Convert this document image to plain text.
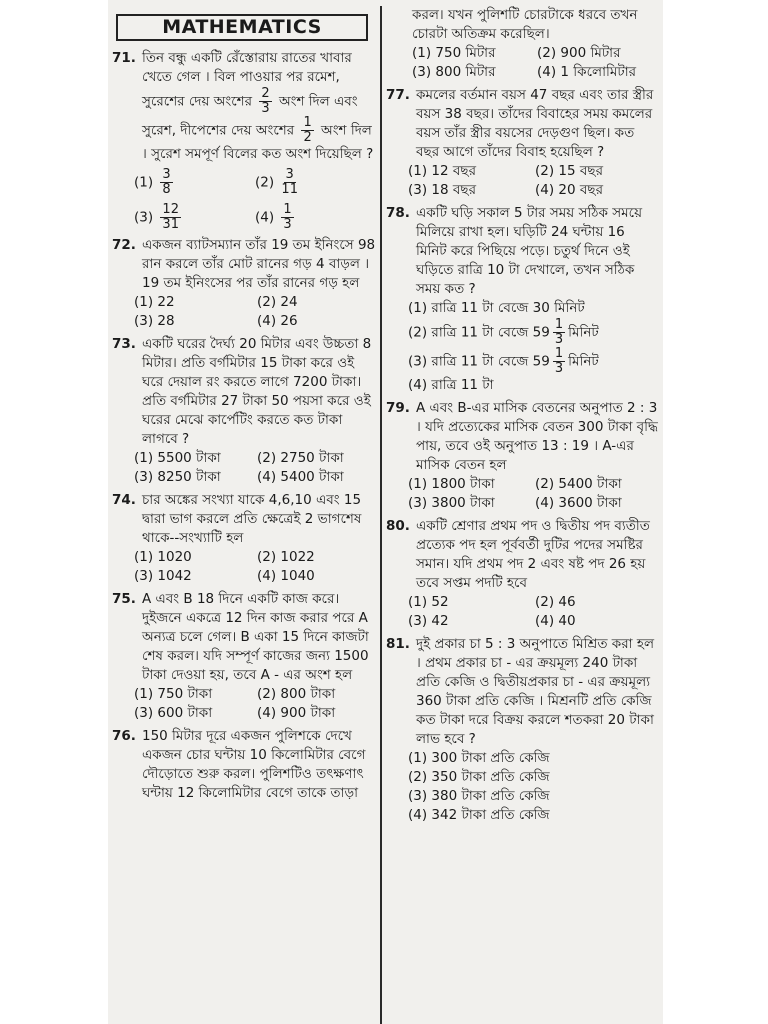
MATHEMATICS
71. তিন বন্ধু একটি রেঁস্তোরায় রাতের খাবার খেতে গেল । বিল পাওয়ার পর রমেশ, সুরেশের দেয় অংশের $\frac{2}{3}$ অংশ দিল এবং সুরেশ, দীপেশের দেয় অংশের $\frac{1}{2}$ অংশ দিল । সুরেশ সমপূর্ণ বিলের কত অংশ দিয়েছিল ?
$(1) \frac{3}{8}$	$(2) \frac{3}{11}$
$(3) \frac{12}{31}$	$(4) \frac{1}{3}$
72. একজন ব্যাটসম্যান তাঁর 19 তম ইনিংসে 98 রান করলে তাঁর মোট রানের গড় 4 বাড়ল । 19 তম ইনিংসের পর তাঁর রানের গড় হল
(1) 22	(2) 24
(3) 28	(4) 26
73. একটি ঘরের দৈর্ঘ্য 20 মিটার এবং উচ্চতা 8 মিটার। প্রতি বর্গমিটার 15 টাকা করে ওই ঘরে দেয়াল রং করতে লাগে 7200 টাকা। প্রতি বর্গমিটার 27 টাকা 50 পয়সা করে ওই ঘরের মেঝে কার্পেটিং করতে কত টাকা লাগবে ?
(1) 5500 টাকা	(2) 2750 টাকা
(3) 8250 টাকা	(4) 5400 টাকা
74. চার অঙ্কের সংখ্যা যাকে 4,6,10 এবং 15 দ্বারা ভাগ করলে প্রতি ক্ষেত্রেই 2 ভাগশেষ থাকে--সংখ্যাটি হল
(1) 1020	(2) 1022
(3) 1042	(4) 1040
75. A এবং B 18 দিনে একটি কাজ করে। দুইজনে একত্রে 12 দিন কাজ করার পরে A অন্যত্র চলে গেল। B একা 15 দিনে কাজটা শেষ করল। যদি সম্পূর্ণ কাজের জন্য 1500 টাকা দেওয়া হয়, তবে A - এর অংশ হল
(1) 750 টাকা	(2) 800 টাকা
(3) 600 টাকা	(4) 900 টাকা
76. 150 মিটার দূরে একজন পুলিশকে দেখে একজন চোর ঘন্টায় 10 কিলোমিটার বেগে দৌড়োতে শুরু করল। পুলিশটিও তৎক্ষণাৎ ঘন্টায় 12 কিলোমিটার বেগে তাকে তাড়া
করল। যখন পুলিশটি চোরটাকে ধরবে তখন চোরটা অতিক্রম করেছিল।
(1) 750 মিটার	(2) 900 মিটার
(3) 800 মিটার	(4) 1 কিলোমিটার
77. কমলের বর্তমান বয়স 47 বছর এবং তার স্ত্রীর বয়স 38 বছর। তাঁদের বিবাহের সময় কমলের বয়স তাঁর স্ত্রীর বয়সের দেড়গুণ ছিল। কত বছর আগে তাঁদের বিবাহ হয়েছিল ?
(1) 12 বছর	(2) 15 বছর
(3) 18 বছর	(4) 20 বছর
78. একটি ঘড়ি সকাল 5 টার সময় সঠিক সময়ে মিলিয়ে রাখা হল। ঘড়িটি 24 ঘন্টায় 16 মিনিট করে পিছিয়ে পড়ে। চতুর্থ দিনে ওই ঘড়িতে রাত্রি 10 টা দেখালে, তখন সঠিক সময় কত ?
(1) রাত্রি 11 টা বেজে 30 মিনিট
(2) রাত্রি 11 টা বেজে $59 \frac{1}{3}$ মিনিট
(3) রাত্রি 11 টা বেজে $59 \frac{1}{3}$ মিনিট
(4) রাত্রি 11 টা
79. A এবং B-এর মাসিক বেতনের অনুপাত 2 : 3 । যদি প্রত্যেকের মাসিক বেতন 300 টাকা বৃদ্ধি পায়, তবে ওই অনুপাত 13 : 19 । A-এর মাসিক বেতন হল
(1) 1800 টাকা	(2) 5400 টাকা
(3) 3800 টাকা	(4) 3600 টাকা
80. একটি শ্রেণার প্রথম পদ ও দ্বিতীয় পদ ব্যতীত প্রত্যেক পদ হল পূর্ববর্তী দুটির পদের সমষ্টির সমান। যদি প্রথম পদ 2 এবং ষষ্ট পদ 26 হয় তবে সপ্তম পদটি হবে
(1) 52	(2) 46
(3) 42	(4) 40
81. দুই প্রকার চা 5 : 3 অনুপাতে মিশ্রিত করা হল । প্রথম প্রকার চা - এর ক্রয়মূল্য 240 টাকা প্রতি কেজি ও দ্বিতীয়প্রকার চা - এর ক্রয়মূল্য 360 টাকা প্রতি কেজি । মিশ্রনটি প্রতি কেজি কত টাকা দরে বিক্রয় করলে শতকরা 20 টাকা লাভ হবে ?
(1) 300 টাকা প্রতি কেজি
(2) 350 টাকা প্রতি কেজি
(3) 380 টাকা প্রতি কেজি
(4) 342 টাকা প্রতি কেজি
